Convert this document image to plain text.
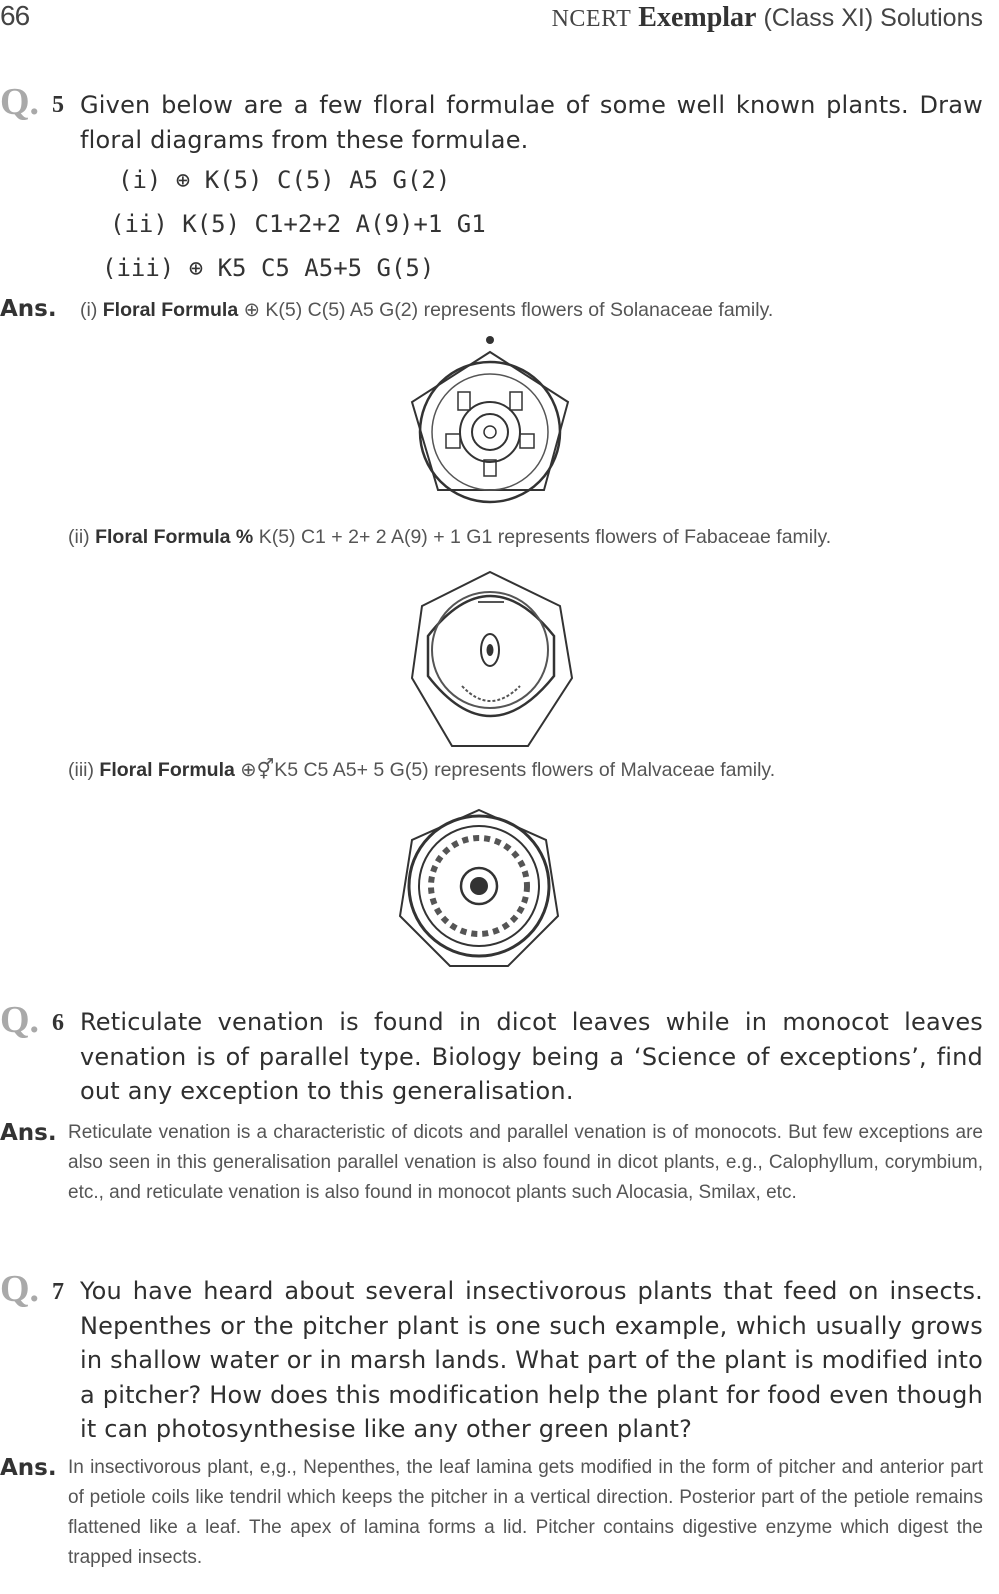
66	NCERT Exemplar (Class XI) Solutions
Q. 5 Given below are a few floral formulae of some well known plants. Draw floral diagrams from these formulae.
(i) ⊕ K(5) C(5) A5 G(2)
(ii) K(5) C1+2+2 A(9)+1 G1
(iii) ⊕ K5 C5 A5+5 G(5)
Ans. (i) Floral Formula ⊕ K(5) C(5) A5 G(2) represents flowers of Solanaceae family.
(ii) Floral Formula % K(5) C1 + 2+ 2 A(9) + 1 G1 represents flowers of Fabaceae family.
(iii) Floral Formula ⊕⚥K5 C5 A5+ 5 G(5) represents flowers of Malvaceae family.
Q. 6 Reticulate venation is found in dicot leaves while in monocot leaves venation is of parallel type. Biology being a ‘Science of exceptions’, find out any exception to this generalisation.
Ans. Reticulate venation is a characteristic of dicots and parallel venation is of monocots. But few exceptions are also seen in this generalisation parallel venation is also found in dicot plants, e.g., Calophyllum, corymbium, etc., and reticulate venation is also found in monocot plants such Alocasia, Smilax, etc.
Q. 7 You have heard about several insectivorous plants that feed on insects. Nepenthes or the pitcher plant is one such example, which usually grows in shallow water or in marsh lands. What part of the plant is modified into a pitcher? How does this modification help the plant for food even though it can photosynthesise like any other green plant?
Ans. In insectivorous plant, e,g., Nepenthes, the leaf lamina gets modified in the form of pitcher and anterior part of petiole coils like tendril which keeps the pitcher in a vertical direction. Posterior part of the petiole remains flattened like a leaf. The apex of lamina forms a lid. Pitcher contains digestive enzyme which digest the trapped insects.
